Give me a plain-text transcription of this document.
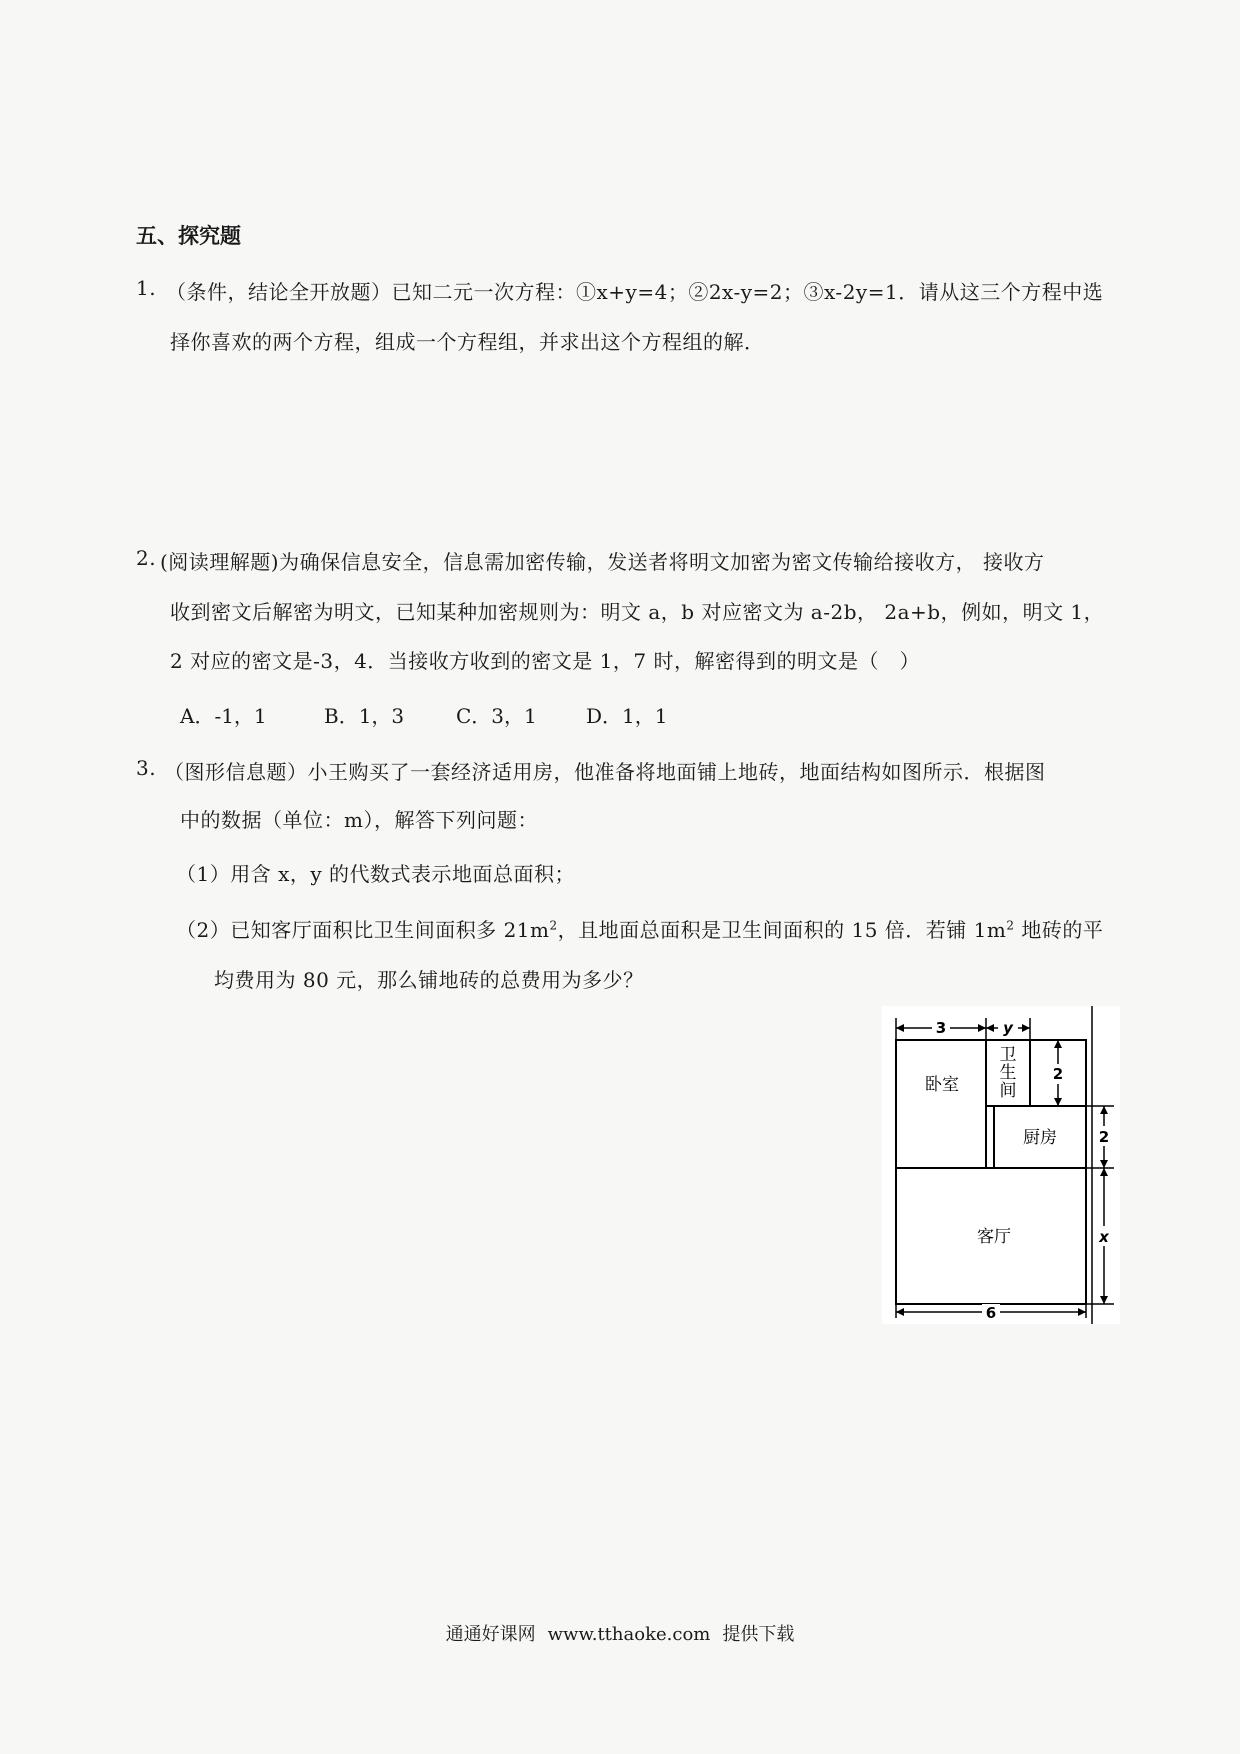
五、探究题
1. （条件，结论全开放题）已知二元一次方程：①x+y=4；②2x-y=2；③x-2y=1．请从这三个方程中选
择你喜欢的两个方程，组成一个方程组，并求出这个方程组的解．
2. (阅读理解题)为确保信息安全，信息需加密传输，发送者将明文加密为密文传输给接收方， 接收方
收到密文后解密为明文，已知某种加密规则为：明文 a，b 对应密文为 a-2b， 2a+b，例如，明文 1，
2 对应的密文是-3，4．当接收方收到的密文是 1，7 时，解密得到的明文是（　）
A．-1，1	B．1，3	C．3，1 D．1，1
3. （图形信息题）小王购买了一套经济适用房，他准备将地面铺上地砖，地面结构如图所示．根据图
中的数据（单位：m），解答下列问题：
（1）用含 x，y 的代数式表示地面总面积；
（2）已知客厅面积比卫生间面积多 $21m^2$，且地面总面积是卫生间面积的 15 倍．若铺 $1m^2$ 地砖的平
均费用为 80 元，那么铺地砖的总费用为多少？
3	y
2
2
x
6
卧室
卫
生
间
厨房
客厅
通通好课网 www.tthaoke.com 提供下载
